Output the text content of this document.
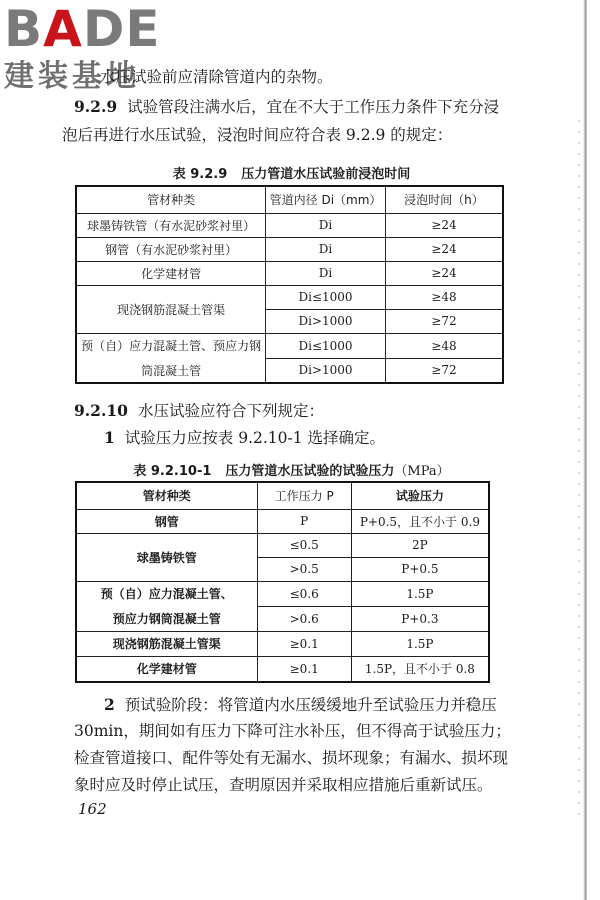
BADE
建装基地
水压试验前应清除管道内的杂物。
9.2.9 试验管段注满水后，宜在不大于工作压力条件下充分浸
泡后再进行水压试验，浸泡时间应符合表 9.2.9 的规定：
表 9.2.9 压力管道水压试验前浸泡时间
管材种类	管道内径 Di（mm）	浸泡时间（h）
球墨铸铁管（有水泥砂浆衬里）	Di	≥24
钢管（有水泥砂浆衬里）	Di	≥24
化学建材管	Di	≥24
现浇钢筋混凝土管渠	Di≤1000	≥48
	Di>1000	≥72
预（自）应力混凝土管、预应力钢	Di≤1000	≥48
筒混凝土管	Di>1000	≥72
9.2.10 水压试验应符合下列规定：
1 试验压力应按表 9.2.10-1 选择确定。
表 9.2.10-1 压力管道水压试验的试验压力（MPa）
管材种类	工作压力 P	试验压力
钢管	P	P+0.5，且不小于 0.9
球墨铸铁管	≤0.5	2P
	>0.5	P+0.5
预（自）应力混凝土管、	≤0.6	1.5P
预应力钢筒混凝土管	>0.6	P+0.3
现浇钢筋混凝土管渠	≥0.1	1.5P
化学建材管	≥0.1	1.5P，且不小于 0.8
2 预试验阶段：将管道内水压缓缓地升至试验压力并稳压
30min，期间如有压力下降可注水补压，但不得高于试验压力；
检查管道接口、配件等处有无漏水、损坏现象；有漏水、损坏现
象时应及时停止试压，查明原因并采取相应措施后重新试压。
162
